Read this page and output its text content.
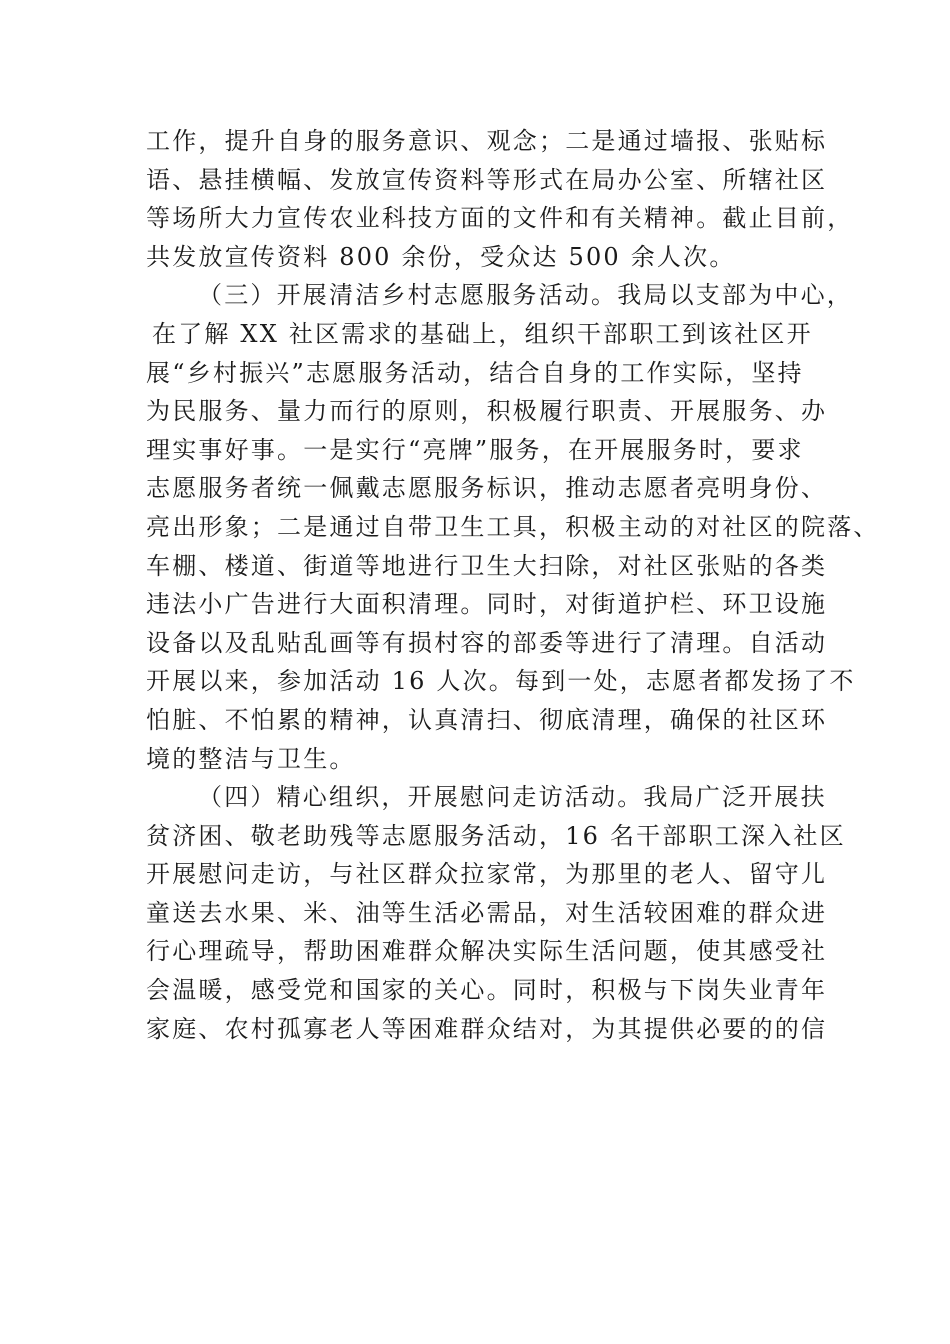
工作，提升自身的服务意识、观念；二是通过墙报、张贴标
语、悬挂横幅、发放宣传资料等形式在局办公室、所辖社区
等场所大力宣传农业科技方面的文件和有关精神。截止目前，
共发放宣传资料 800 余份，受众达 500 余人次。
（三）开展清洁乡村志愿服务活动。我局以支部为中心，
在了解 XX 社区需求的基础上，组织干部职工到该社区开
展“乡村振兴”志愿服务活动，结合自身的工作实际，坚持
为民服务、量力而行的原则，积极履行职责、开展服务、办
理实事好事。一是实行“亮牌”服务，在开展服务时，要求
志愿服务者统一佩戴志愿服务标识，推动志愿者亮明身份、
亮出形象；二是通过自带卫生工具，积极主动的对社区的院落、
车棚、楼道、街道等地进行卫生大扫除，对社区张贴的各类
违法小广告进行大面积清理。同时，对街道护栏、环卫设施
设备以及乱贴乱画等有损村容的部委等进行了清理。自活动
开展以来，参加活动 16 人次。每到一处，志愿者都发扬了不
怕脏、不怕累的精神，认真清扫、彻底清理，确保的社区环
境的整洁与卫生。
（四）精心组织，开展慰问走访活动。我局广泛开展扶
贫济困、敬老助残等志愿服务活动，16 名干部职工深入社区
开展慰问走访，与社区群众拉家常，为那里的老人、留守儿
童送去水果、米、油等生活必需品，对生活较困难的群众进
行心理疏导，帮助困难群众解决实际生活问题，使其感受社
会温暖，感受党和国家的关心。同时，积极与下岗失业青年
家庭、农村孤寡老人等困难群众结对，为其提供必要的的信
